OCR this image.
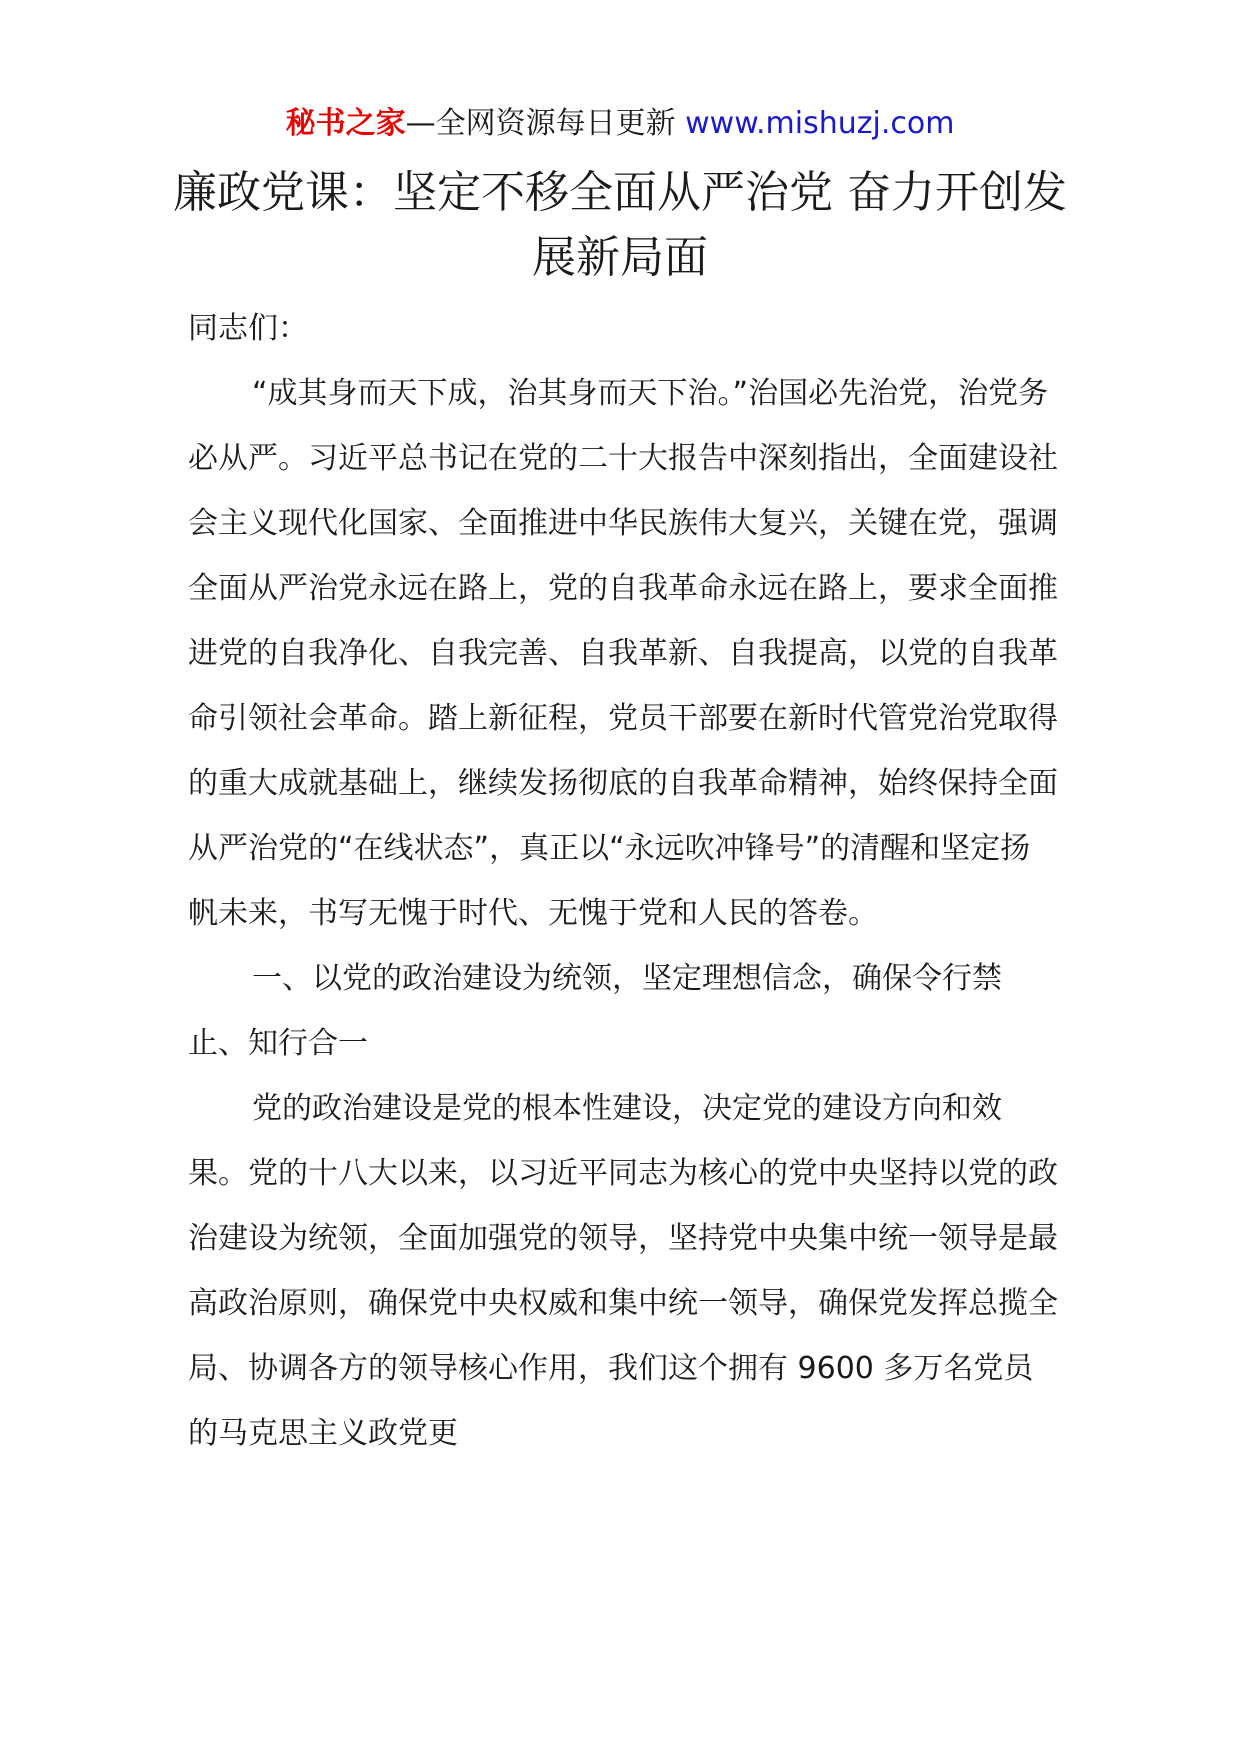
秘书之家—全网资源每日更新 www.mishuzj.com
廉政党课：坚定不移全面从严治党 奋力开创发展新局面

同志们：

“成其身而天下成，治其身而天下治。”治国必先治党，治党务必从严。习近平总书记在党的二十大报告中深刻指出，全面建设社会主义现代化国家、全面推进中华民族伟大复兴，关键在党，强调全面从严治党永远在路上，党的自我革命永远在路上，要求全面推进党的自我净化、自我完善、自我革新、自我提高，以党的自我革命引领社会革命。踏上新征程，党员干部要在新时代管党治党取得的重大成就基础上，继续发扬彻底的自我革命精神，始终保持全面从严治党的“在线状态”，真正以“永远吹冲锋号”的清醒和坚定扬帆未来，书写无愧于时代、无愧于党和人民的答卷。

一、以党的政治建设为统领，坚定理想信念，确保令行禁止、知行合一

党的政治建设是党的根本性建设，决定党的建设方向和效果。党的十八大以来，以习近平同志为核心的党中央坚持以党的政治建设为统领，全面加强党的领导，坚持党中央集中统一领导是最高政治原则，确保党中央权威和集中统一领导，确保党发挥总揽全局、协调各方的领导核心作用，我们这个拥有 9600 多万名党员的马克思主义政党更
